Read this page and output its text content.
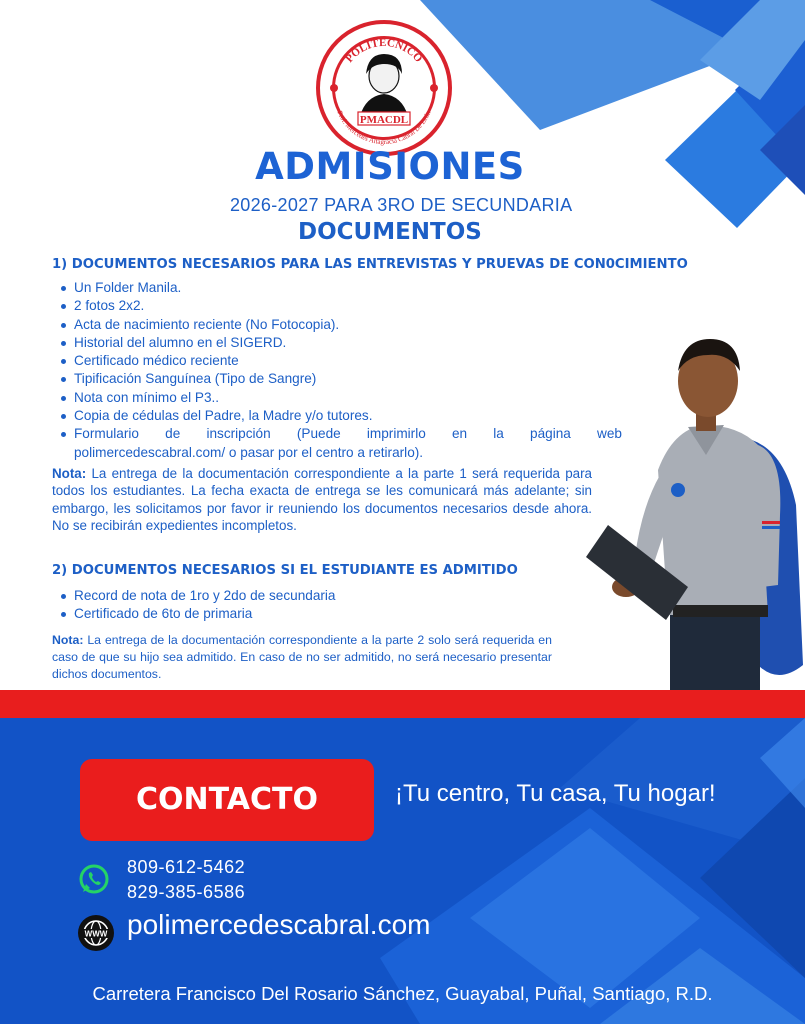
POLITÉCNICO
Prof. Mercedes Altagracia Cabral De León
PMACDL
ADMISIONES
2026-2027 PARA 3RO DE SECUNDARIA
DOCUMENTOS
1) DOCUMENTOS NECESARIOS PARA LAS ENTREVISTAS Y PRUEVAS DE CON0CIMIENTO
Un Folder Manila.
2 fotos 2x2.
Acta de nacimiento reciente (No Fotocopia).
Historial del alumno en el SIGERD.
Certificado médico reciente
Tipificación Sanguínea (Tipo de Sangre)
Nota con mínimo el P3..
Copia de cédulas del Padre, la Madre y/o tutores.
Formulario de inscripción (Puede imprimirlo en la página web
polimercedescabral.com/ o pasar por el centro a retirarlo).

Nota: La entrega de la documentación correspondiente a la parte 1 será requerida para todos los estudiantes. La fecha exacta de entrega se les comunicará más adelante; sin embargo, les solicitamos por favor ir reuniendo los documentos necesarios desde ahora. No se recibirán expedientes incompletos.

2) DOCUMENTOS NECESARIOS SI EL ESTUDIANTE ES ADMITIDO
Record de nota de 1ro y 2do de secundaria
Certificado de 6to de primaria

Nota: La entrega de la documentación correspondiente a la parte 2 solo será requerida en caso de que su hijo sea admitido. En caso de no ser admitido, no será necesario presentar dichos documentos.

CONTACTO	¡Tu centro, Tu casa, Tu hogar!
809-612-5462
829-385-6586
WWW polimercedescabral.com
Carretera Francisco Del Rosario Sánchez, Guayabal, Puñal, Santiago, R.D.
